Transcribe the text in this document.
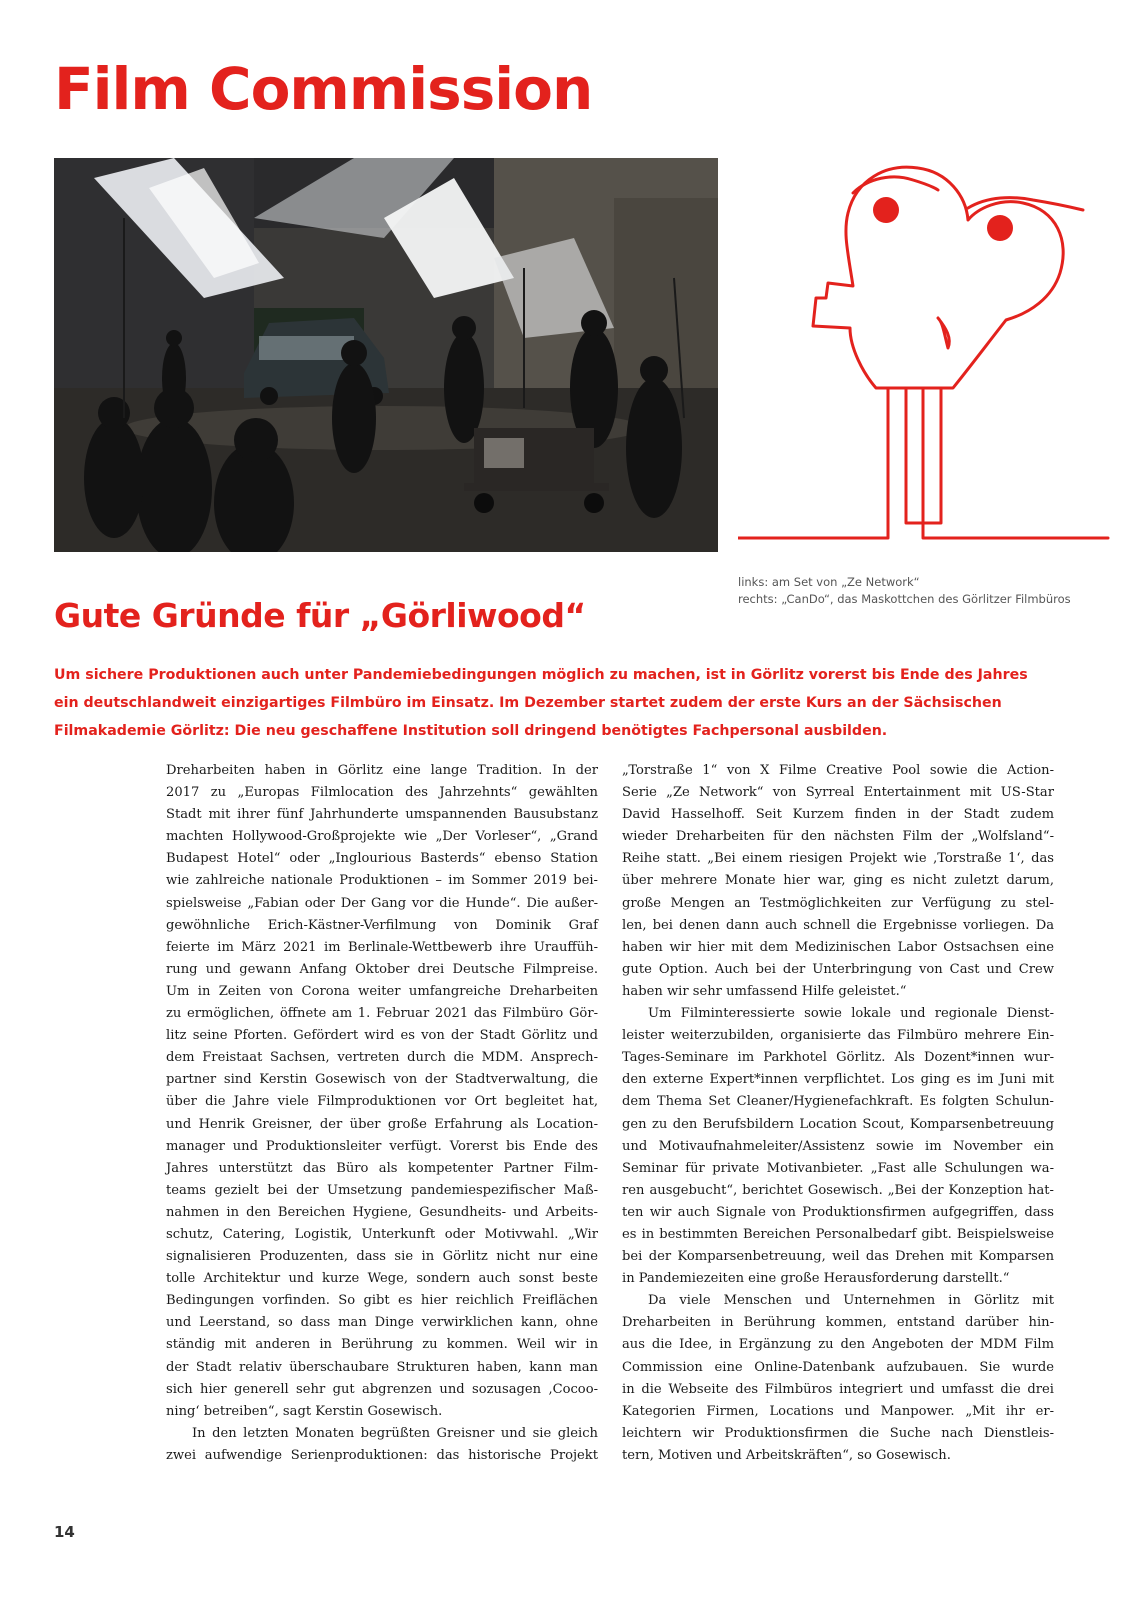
Film Commission

links: am Set von „Ze Network“
rechts: „CanDo“, das Maskottchen des Görlitzer Filmbüros

Gute Gründe für „Görliwood“

Um sichere Produktionen auch unter Pandemiebedingungen möglich zu machen, ist in Görlitz vorerst bis Ende des Jahres
ein deutschlandweit einzigartiges Filmbüro im Einsatz. Im Dezember startet zudem der erste Kurs an der Sächsischen
Filmakademie Görlitz: Die neu geschaffene Institution soll dringend benötigtes Fachpersonal ausbilden.

Dreharbeiten haben in Görlitz eine lange Tradition. In der
2017 zu „Europas Filmlocation des Jahrzehnts“ gewählten
Stadt mit ihrer fünf Jahrhunderte umspannenden Bausubstanz
machten Hollywood-Großprojekte wie „Der Vorleser“, „Grand
Budapest Hotel“ oder „Inglourious Basterds“ ebenso Station
wie zahlreiche nationale Produktionen – im Sommer 2019 bei-
spielsweise „Fabian oder Der Gang vor die Hunde“. Die außer-
gewöhnliche Erich-Kästner-Verfilmung von Dominik Graf
feierte im März 2021 im Berlinale-Wettbewerb ihre Urauffüh-
rung und gewann Anfang Oktober drei Deutsche Filmpreise.
Um in Zeiten von Corona weiter umfangreiche Dreharbeiten
zu ermöglichen, öffnete am 1. Februar 2021 das Filmbüro Gör-
litz seine Pforten. Gefördert wird es von der Stadt Görlitz und
dem Freistaat Sachsen, vertreten durch die MDM. Ansprech-
partner sind Kerstin Gosewisch von der Stadtverwaltung, die
über die Jahre viele Filmproduktionen vor Ort begleitet hat,
und Henrik Greisner, der über große Erfahrung als Location-
manager und Produktionsleiter verfügt. Vorerst bis Ende des
Jahres unterstützt das Büro als kompetenter Partner Film-
teams gezielt bei der Umsetzung pandemiespezifischer Maß-
nahmen in den Bereichen Hygiene, Gesundheits- und Arbeits-
schutz, Catering, Logistik, Unterkunft oder Motivwahl. „Wir
signalisieren Produzenten, dass sie in Görlitz nicht nur eine
tolle Architektur und kurze Wege, sondern auch sonst beste
Bedingungen vorfinden. So gibt es hier reichlich Freiflächen
und Leerstand, so dass man Dinge verwirklichen kann, ohne
ständig mit anderen in Berührung zu kommen. Weil wir in
der Stadt relativ überschaubare Strukturen haben, kann man
sich hier generell sehr gut abgrenzen und sozusagen ‚Cocoo-
ning‘ betreiben“, sagt Kerstin Gosewisch.
In den letzten Monaten begrüßten Greisner und sie gleich
zwei aufwendige Serienproduktionen: das historische Projekt
„Torstraße 1“ von X Filme Creative Pool sowie die Action-
Serie „Ze Network“ von Syrreal Entertainment mit US-Star
David Hasselhoff. Seit Kurzem finden in der Stadt zudem
wieder Dreharbeiten für den nächsten Film der „Wolfsland“-
Reihe statt. „Bei einem riesigen Projekt wie ‚Torstraße 1‘, das
über mehrere Monate hier war, ging es nicht zuletzt darum,
große Mengen an Testmöglichkeiten zur Verfügung zu stel-
len, bei denen dann auch schnell die Ergebnisse vorliegen. Da
haben wir hier mit dem Medizinischen Labor Ostsachsen eine
gute Option. Auch bei der Unterbringung von Cast und Crew
haben wir sehr umfassend Hilfe geleistet.“
Um Filminteressierte sowie lokale und regionale Dienst-
leister weiterzubilden, organisierte das Filmbüro mehrere Ein-
Tages-Seminare im Parkhotel Görlitz. Als Dozent*innen wur-
den externe Expert*innen verpflichtet. Los ging es im Juni mit
dem Thema Set Cleaner/Hygienefachkraft. Es folgten Schulun-
gen zu den Berufsbildern Location Scout, Komparsenbetreuung
und Motivaufnahmeleiter/Assistenz sowie im November ein
Seminar für private Motivanbieter. „Fast alle Schulungen wa-
ren ausgebucht“, berichtet Gosewisch. „Bei der Konzeption hat-
ten wir auch Signale von Produktionsfirmen aufgegriffen, dass
es in bestimmten Bereichen Personalbedarf gibt. Beispielsweise
bei der Komparsenbetreuung, weil das Drehen mit Komparsen
in Pandemiezeiten eine große Herausforderung darstellt.“
Da viele Menschen und Unternehmen in Görlitz mit
Dreharbeiten in Berührung kommen, entstand darüber hin-
aus die Idee, in Ergänzung zu den Angeboten der MDM Film
Commission eine Online-Datenbank aufzubauen. Sie wurde
in die Webseite des Filmbüros integriert und umfasst die drei
Kategorien Firmen, Locations und Manpower. „Mit ihr er-
leichtern wir Produktionsfirmen die Suche nach Dienstleis-
tern, Motiven und Arbeitskräften“, so Gosewisch.

14
